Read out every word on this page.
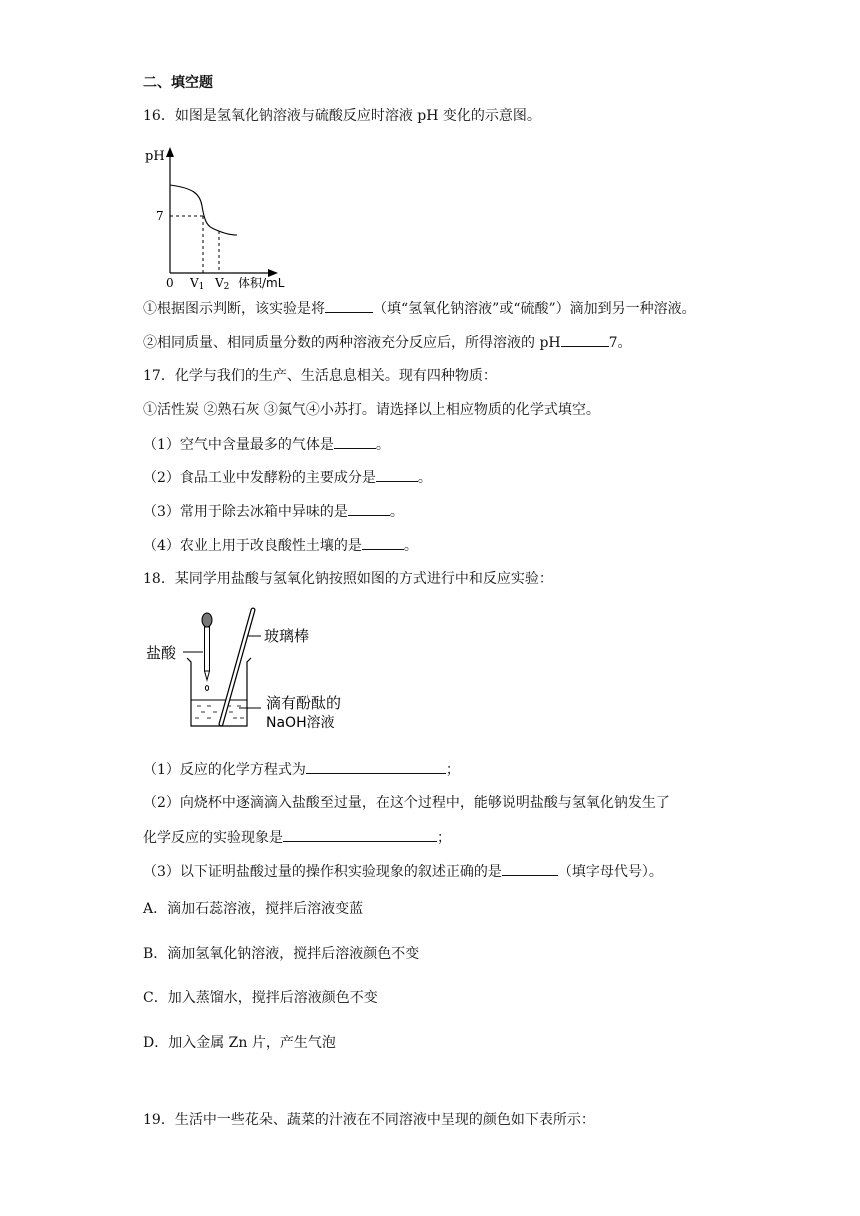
二、填空题
16．如图是氢氧化钠溶液与硫酸反应时溶液 pH 变化的示意图。
pH
7
0 V1 V2 体积/mL
①根据图示判断，该实验是将	（填“氢氧化钠溶液”或“硫酸”）滴加到另一种溶液。
②相同质量、相同质量分数的两种溶液充分反应后，所得溶液的 pH	7。
17．化学与我们的生产、生活息息相关。现有四种物质：
①活性炭 ②熟石灰 ③氮气④小苏打。请选择以上相应物质的化学式填空。
（1）空气中含量最多的气体是	。
（2）食品工业中发酵粉的主要成分是	。
（3）常用于除去冰箱中异味的是	。
（4）农业上用于改良酸性土壤的是	。
18．某同学用盐酸与氢氧化钠按照如图的方式进行中和反应实验：
盐酸
玻璃棒
滴有酚酞的
NaOH溶液
（1）反应的化学方程式为	；
（2）向烧杯中逐滴滴入盐酸至过量，在这个过程中，能够说明盐酸与氢氧化钠发生了
化学反应的实验现象是	；
（3）以下证明盐酸过量的操作积实验现象的叙述正确的是	（填字母代号）。
A．滴加石蕊溶液，搅拌后溶液变蓝
B．滴加氢氧化钠溶液，搅拌后溶液颜色不变
C．加入蒸馏水，搅拌后溶液颜色不变
D．加入金属 Zn 片，产生气泡
19．生活中一些花朵、蔬菜的汁液在不同溶液中呈现的颜色如下表所示：
